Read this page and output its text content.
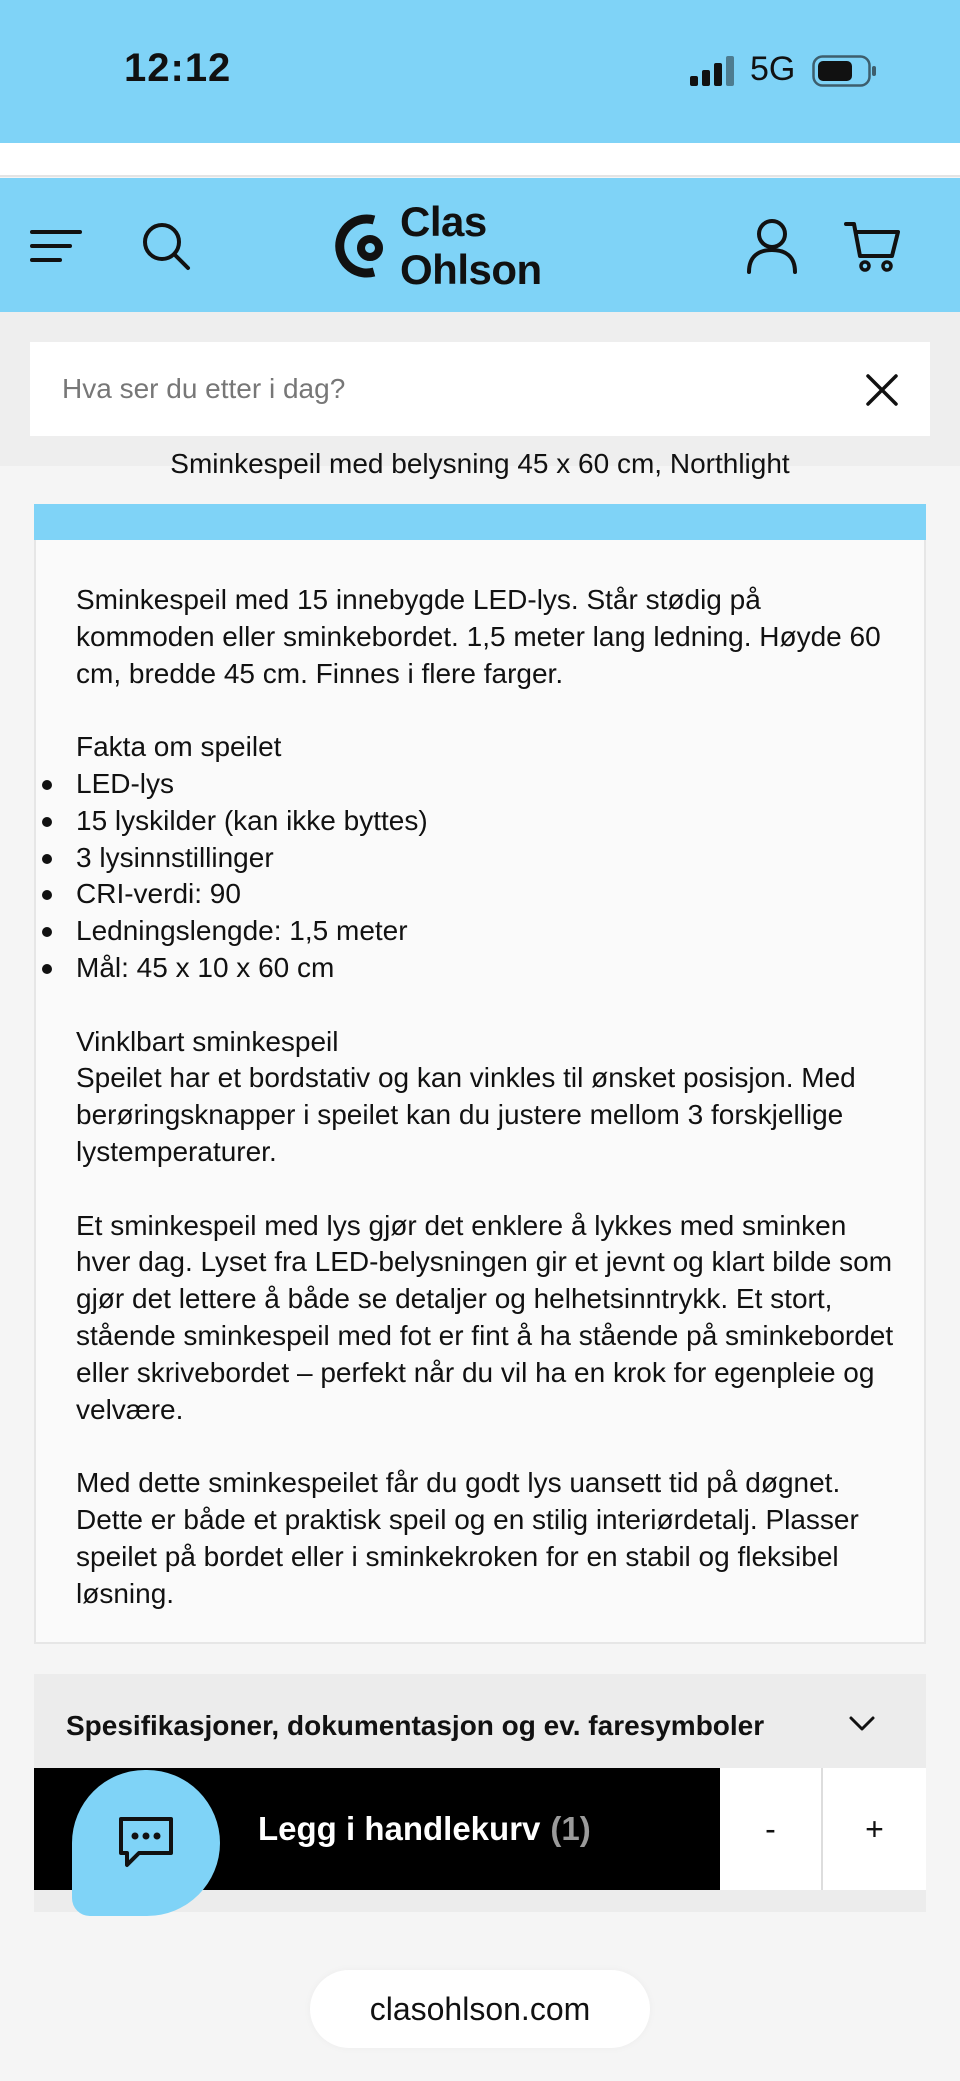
12:12	5G
Clas Ohlson
Hva ser du etter i dag?
Sminkespeil med belysning 45 x 60 cm, Northlight

Sminkespeil med 15 innebygde LED-lys. Står stødig på kommoden eller sminkebordet. 1,5 meter lang ledning. Høyde 60 cm, bredde 45 cm. Finnes i flere farger.

Fakta om speilet

LED-lys
15 lyskilder (kan ikke byttes)
3 lysinnstillinger
CRI-verdi: 90
Ledningslengde: 1,5 meter
Mål: 45 x 10 x 60 cm

Vinklbart sminkespeil

Speilet har et bordstativ og kan vinkles til ønsket posisjon. Med berøringsknapper i speilet kan du justere mellom 3 forskjellige lystemperaturer.

Et sminkespeil med lys gjør det enklere å lykkes med sminken hver dag. Lyset fra LED-belysningen gir et jevnt og klart bilde som gjør det lettere å både se detaljer og helhetsinntrykk. Et stort, stående sminkespeil med fot er fint å ha stående på sminkebordet eller skrivebordet – perfekt når du vil ha en krok for egenpleie og velvære.

Med dette sminkespeilet får du godt lys uansett tid på døgnet. Dette er både et praktisk speil og en stilig interiørdetalj. Plasser speilet på bordet eller i sminkekroken for en stabil og fleksibel løsning.

Spesifikasjoner, dokumentasjon og ev. faresymboler
Legg i handlekurv (1)	-	+
clasohlson.com
